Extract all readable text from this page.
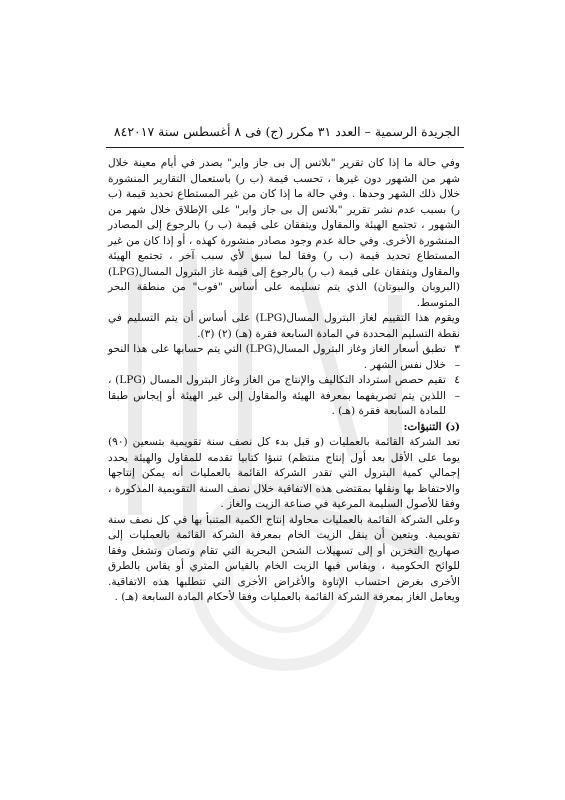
الجريدة الرسمية – العدد ٣١ مكرر (ج) فى ٨ أغسطس سنة ٢٠١٧
٨٤

وفي حالة ما إذا كان تقرير "بلاتس إل بى جاز واير" يصدر في أيام معينة خلال شهر من الشهور دون غيرها ، تحسب قيمة (ب ر) باستعمال التقارير المنشورة خلال ذلك الشهر وحدها . وفي حالة ما إذا كان من غير المستطاع تحديد قيمة (ب ر) بسبب عدم نشر تقرير "بلاتس إل بى جاز واير" على الإطلاق خلال شهر من الشهور ، تجتمع الهيئة والمقاول ويتفقان على قيمة (ب ر) بالرجوع إلى المصادر المنشورة الأخرى. وفي حالة عدم وجود مصادر منشورة كهذه ، أو إذا كان من غير المستطاع تحديد قيمة (ب ر) وفقا لما سبق لأي سبب آخر ، تجتمع الهيئة والمقاول ويتفقان على قيمة (ب ر) بالرجوع إلى قيمة غاز البترول المسال(LPG) (البروبان والبيوتان) الذي يتم تسليمه على أساس "فوب" من منطقة البحر المتوسط.

ويقوم هذا التقييم لغاز البترول المسال(LPG) على أساس أن يتم التسليم في نقطة التسليم المحددة في المادة السابعة فقرة (هـ) (٢) (٣).

٣ –
تطبق أسعار الغاز وغاز البترول المسال(LPG) التي يتم حسابها على هذا النحو خلال نفس الشهر .
٤ –
تقيم حصص استرداد التكاليف والإنتاج من الغاز وغاز البترول المسال (LPG) ، اللذين يتم تصريفهما بمعرفة الهيئة والمقاول إلى غير الهيئة أو إيجاس طبقا للمادة السابعة فقرة (هـ) .

(د) التنبؤات:

تعد الشركة القائمة بالعمليات (و قبل بدء كل نصف سنة تقويمية بتسعين (٩٠) يوما على الأقل بعد أول إنتاج منتظم) تنبؤا كتابيا تقدمه للمقاول والهيئة يحدد إجمالي كمية البترول التي تقدر الشركة القائمة بالعمليات أنه يمكن إنتاجها والاحتفاظ بها ونقلها بمقتضى هذه الاتفاقية خلال نصف السنة التقويمية المذكورة ، وفقا للأصول السليمة المرعية في صناعة الزيت والغاز .

وعلى الشركة القائمة بالعمليات محاولة إنتاج الكمية المتنبأ بها في كل نصف سنة تقويمية. ويتعين أن ينقل الزيت الخام بمعرفة الشركة القائمة بالعمليات إلى صهاريج التخزين أو إلى تسهيلات الشحن البحرية التي تقام وتصان وتشغل وفقا للوائح الحكومية ، ويقاس فيها الزيت الخام بالقياس المتري أو يقاس بالطرق الأخرى بغرض احتساب الإتاوة والأغراض الأخرى التي تتطلبها هذه الاتفاقية. ويعامل الغاز بمعرفة الشركة القائمة بالعمليات وفقا لأحكام المادة السابعة (هـ) .
